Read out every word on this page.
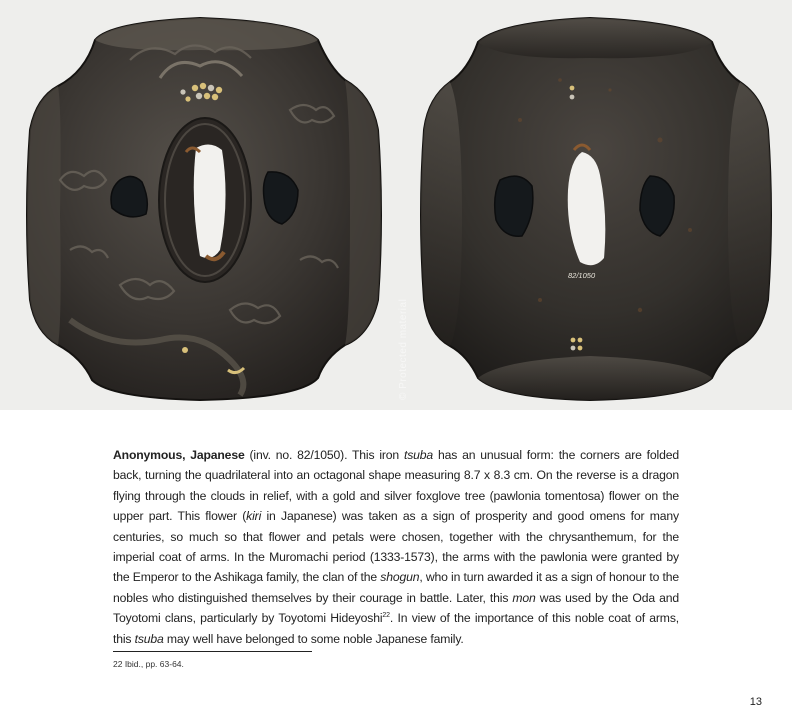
82/1050
© Protected material
Anonymous, Japanese (inv. no. 82/1050). This iron tsuba has an unusual form: the corners are folded back, turning the quadrilateral into an octagonal shape measuring 8.7 x 8.3 cm. On the reverse is a dragon flying through the clouds in relief, with a gold and silver foxglove tree (pawlonia tomentosa) flower on the upper part. This flower (kiri in Japanese) was taken as a sign of prosperity and good omens for many centuries, so much so that flower and petals were chosen, together with the chrysanthemum, for the imperial coat of arms. In the Muromachi period (1333-1573), the arms with the pawlonia were granted by the Emperor to the Ashikaga family, the clan of the shogun, who in turn awarded it as a sign of honour to the nobles who distinguished themselves by their courage in battle. Later, this mon was used by the Oda and Toyotomi clans, particularly by Toyotomi Hideyoshi$^{22}$. In view of the importance of this noble coat of arms, this tsuba may well have belonged to some noble Japanese family.
22 Ibid., pp. 63-64.
13
